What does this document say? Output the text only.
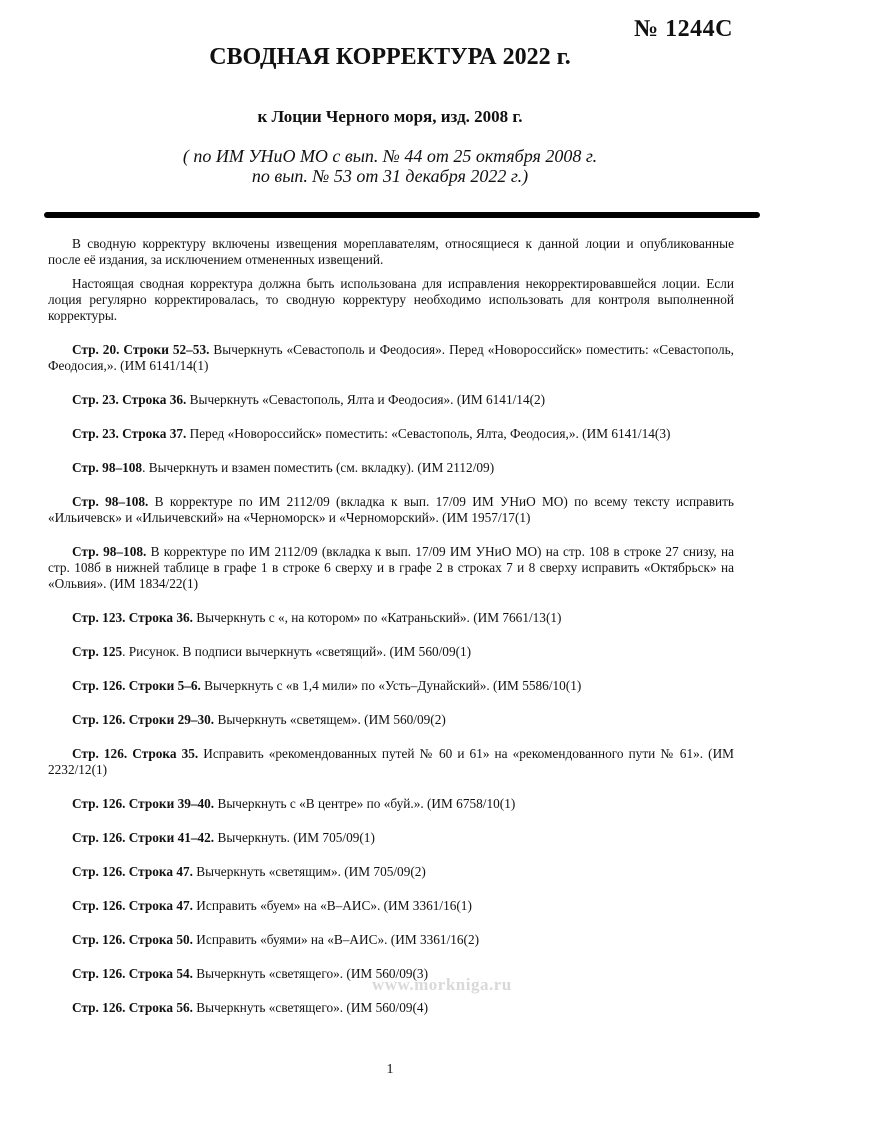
№ 1244С
СВОДНАЯ КОРРЕКТУРА 2022 г.
к Лоции Черного моря, изд. 2008 г.
( по ИМ УНиО МО с вып. № 44 от 25 октября 2008 г.
по вып. № 53 от 31 декабря 2022 г.)

В сводную корректуру включены извещения мореплавателям, относящиеся к данной лоции и опубликованные после её издания, за исключением отмененных извещений.

Настоящая сводная корректура должна быть использована для исправления некорректировавшейся лоции. Если лоция регулярно корректировалась, то сводную корректуру необходимо использовать для контроля выполненной корректуры.

Стр. 20. Строки 52–53. Вычеркнуть «Севастополь и Феодосия». Перед «Новороссийск» поместить: «Севастополь, Феодосия,». (ИМ 6141/14(1)

Стр. 23. Строка 36. Вычеркнуть «Севастополь, Ялта и Феодосия». (ИМ 6141/14(2)

Стр. 23. Строка 37. Перед «Новороссийск» поместить: «Севастополь, Ялта, Феодосия,». (ИМ 6141/14(3)

Стр. 98–108. Вычеркнуть и взамен поместить (см. вкладку). (ИМ 2112/09)

Стр. 98–108. В корректуре по ИМ 2112/09 (вкладка к вып. 17/09 ИМ УНиО МО) по всему тексту исправить «Ильичевск» и «Ильичевский» на «Черноморск» и «Черноморский». (ИМ 1957/17(1)

Стр. 98–108. В корректуре по ИМ 2112/09 (вкладка к вып. 17/09 ИМ УНиО МО) на стр. 108 в строке 27 снизу, на стр. 108б в нижней таблице в графе 1 в строке 6 сверху и в графе 2 в строках 7 и 8 сверху исправить «Октябрьск» на «Ольвия». (ИМ 1834/22(1)

Стр. 123. Строка 36. Вычеркнуть с «, на котором» по «Катраньский». (ИМ 7661/13(1)

Стр. 125. Рисунок. В подписи вычеркнуть «светящий». (ИМ 560/09(1)

Стр. 126. Строки 5–6. Вычеркнуть с «в 1,4 мили» по «Усть–Дунайский». (ИМ 5586/10(1)

Стр. 126. Строки 29–30. Вычеркнуть «светящем». (ИМ 560/09(2)

Стр. 126. Строка 35. Исправить «рекомендованных путей № 60 и 61» на «рекомендованного пути № 61». (ИМ 2232/12(1)

Стр. 126. Строки 39–40. Вычеркнуть с «В центре» по «буй.». (ИМ 6758/10(1)

Стр. 126. Строки 41–42. Вычеркнуть. (ИМ 705/09(1)

Стр. 126. Строка 47. Вычеркнуть «светящим». (ИМ 705/09(2)

Стр. 126. Строка 47. Исправить «буем» на «В–АИС». (ИМ 3361/16(1)

Стр. 126. Строка 50. Исправить «буями» на «В–АИС». (ИМ 3361/16(2)

Стр. 126. Строка 54. Вычеркнуть «светящего». (ИМ 560/09(3)

Стр. 126. Строка 56. Вычеркнуть «светящего». (ИМ 560/09(4)

www.morkniga.ru
1
